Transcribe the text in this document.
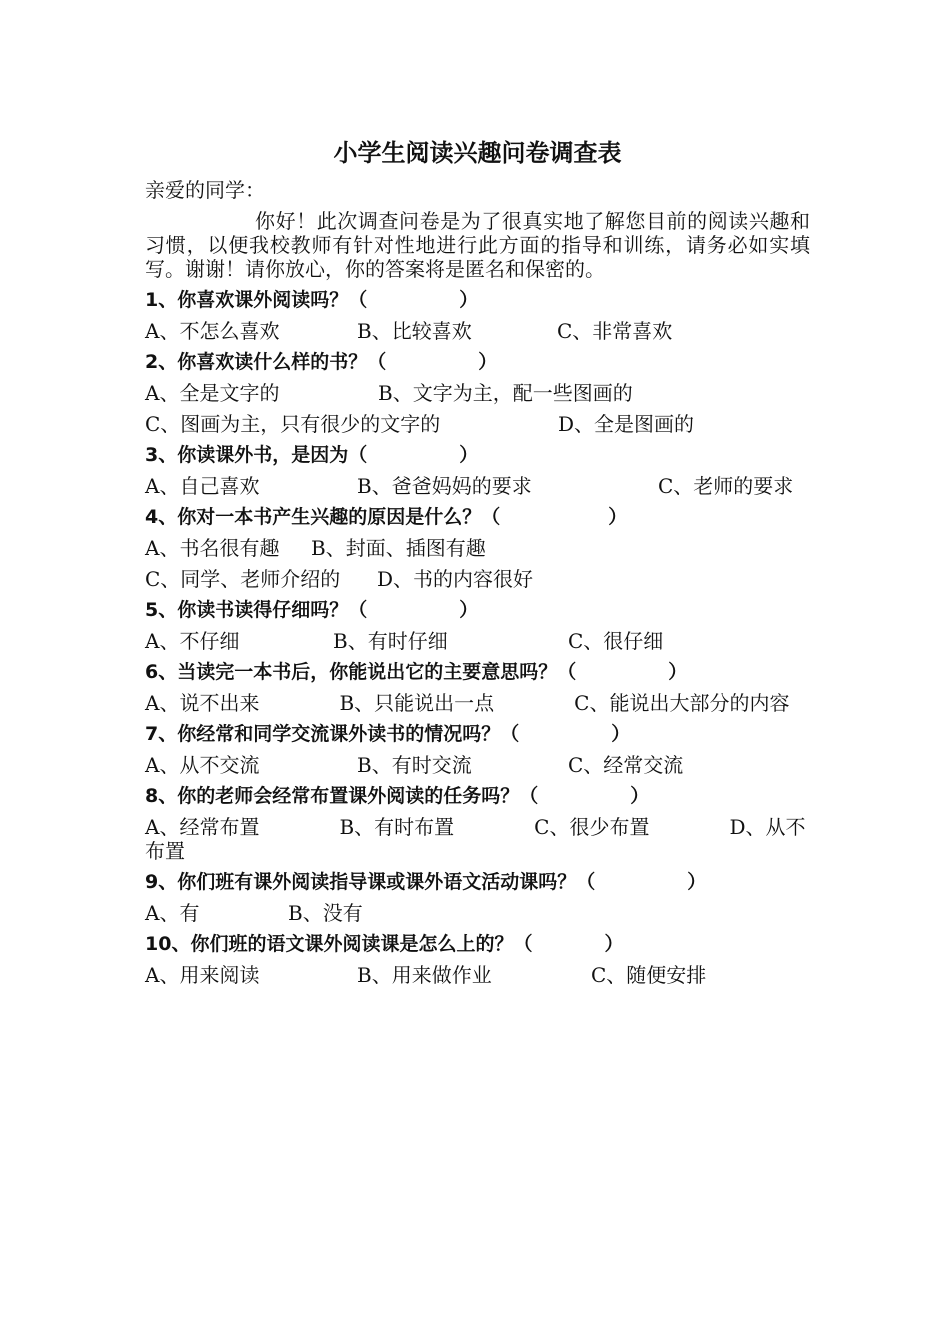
小学生阅读兴趣问卷调查表
亲爱的同学：
你好！此次调查问卷是为了很真实地了解您目前的阅读兴趣和习惯，以便我校教师有针对性地进行此方面的指导和训练，请务必如实填写。谢谢！请你放心，你的答案将是匿名和保密的。
1、你喜欢课外阅读吗？（	）
A、不怎么喜欢	B、比较喜欢	C、非常喜欢
2、你喜欢读什么样的书？（	）
A、全是文字的	B、文字为主，配一些图画的
C、图画为主，只有很少的文字的	D、全是图画的
3、你读课外书，是因为（	）
A、自己喜欢	B、爸爸妈妈的要求	C、老师的要求
4、你对一本书产生兴趣的原因是什么？（	）
A、书名很有趣	B、封面、插图有趣
C、同学、老师介绍的	D、书的内容很好
5、你读书读得仔细吗？（	）
A、不仔细	B、有时仔细	C、很仔细
6、当读完一本书后，你能说出它的主要意思吗？（	）
A、说不出来　　　　B、只能说出一点　　　　C、能说出大部分的内容
7、你经常和同学交流课外读书的情况吗？（	）
A、从不交流	B、有时交流	C、经常交流
8、你的老师会经常布置课外阅读的任务吗？（	）
A、经常布置　　　　B、有时布置　　　　C、很少布置　　　　D、从不布置
9、你们班有课外阅读指导课或课外语文活动课吗？（	）
A、有	B、没有
10、你们班的语文课外阅读课是怎么上的？（	）
A、用来阅读	B、用来做作业	C、随便安排
